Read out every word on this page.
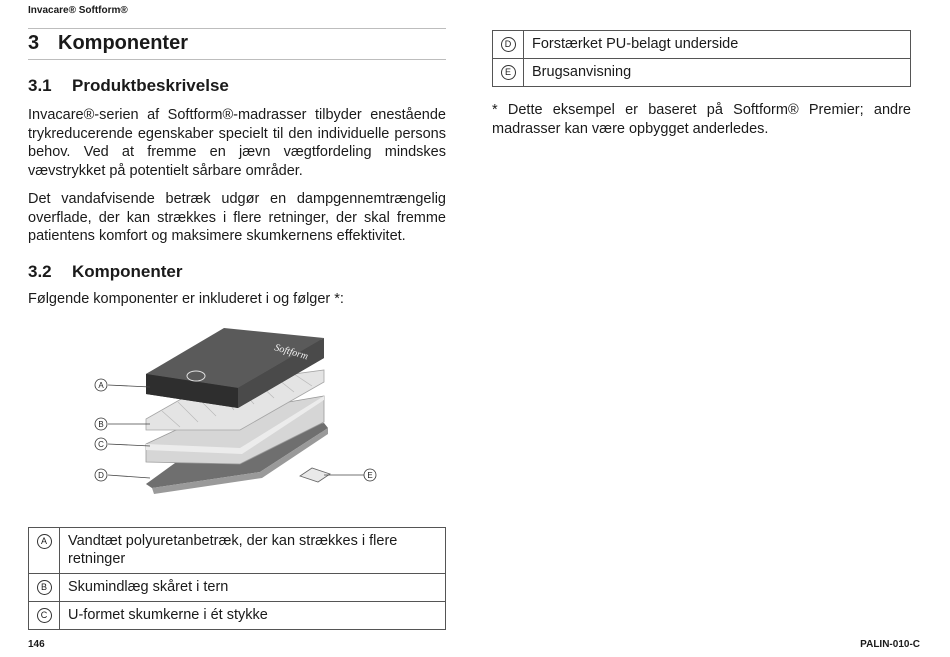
Invacare® Softform®
3 Komponenter
3.1 Produktbeskrivelse

Invacare®-serien af Softform®-madrasser tilbyder enestående trykreducerende egenskaber specielt til den individuelle persons behov. Ved at fremme en jævn vægtfordeling mindskes vævstrykket på potentielt sårbare områder.

Det vandafvisende betræk udgør en dampgennemtrængelig overflade, der kan strækkes i flere retninger, der skal fremme patientens komfort og maksimere skumkernens effektivitet.

3.2 Komponenter

Følgende komponenter er inkluderet i og følger *:

Softform
A
B
C
D	E
A	Vandtæt polyuretanbetræk, der kan strækkes i flere retninger
B	Skumindlæg skåret i tern
C	U-formet skumkerne i ét stykke
D	Forstærket PU-belagt underside
E	Brugsanvisning
* Dette eksempel er baseret på Softform® Premier; andre madrasser kan være opbygget anderledes.
146	PALIN-010-C
